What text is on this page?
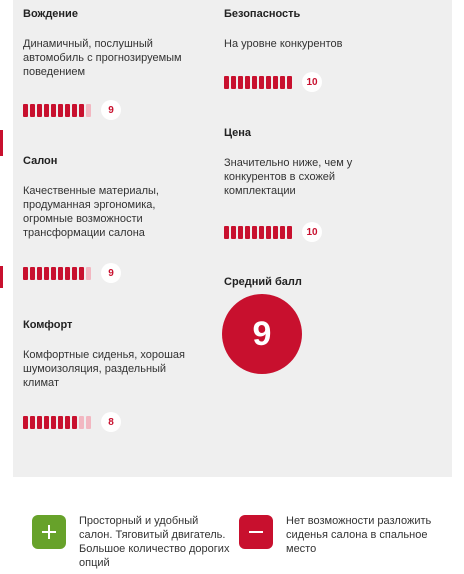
Вождение
Динамичный, послушный автомобиль с прогнозируемым поведением
9
Безопасность
На уровне конкурентов
10
Цена
Значительно ниже, чем у конкурентов в схожей комплектации
10
Салон
Качественные материалы, продуманная эргономика, огромные возможности трансформации салона
9
Средний балл
9
Комфорт
Комфортные сиденья, хорошая шумоизоляция, раздельный климат
8
Просторный и удобный салон. Тяговитый двигатель. Большое количество дорогих опций
Нет возможности разложить сиденья салона в спальное место
